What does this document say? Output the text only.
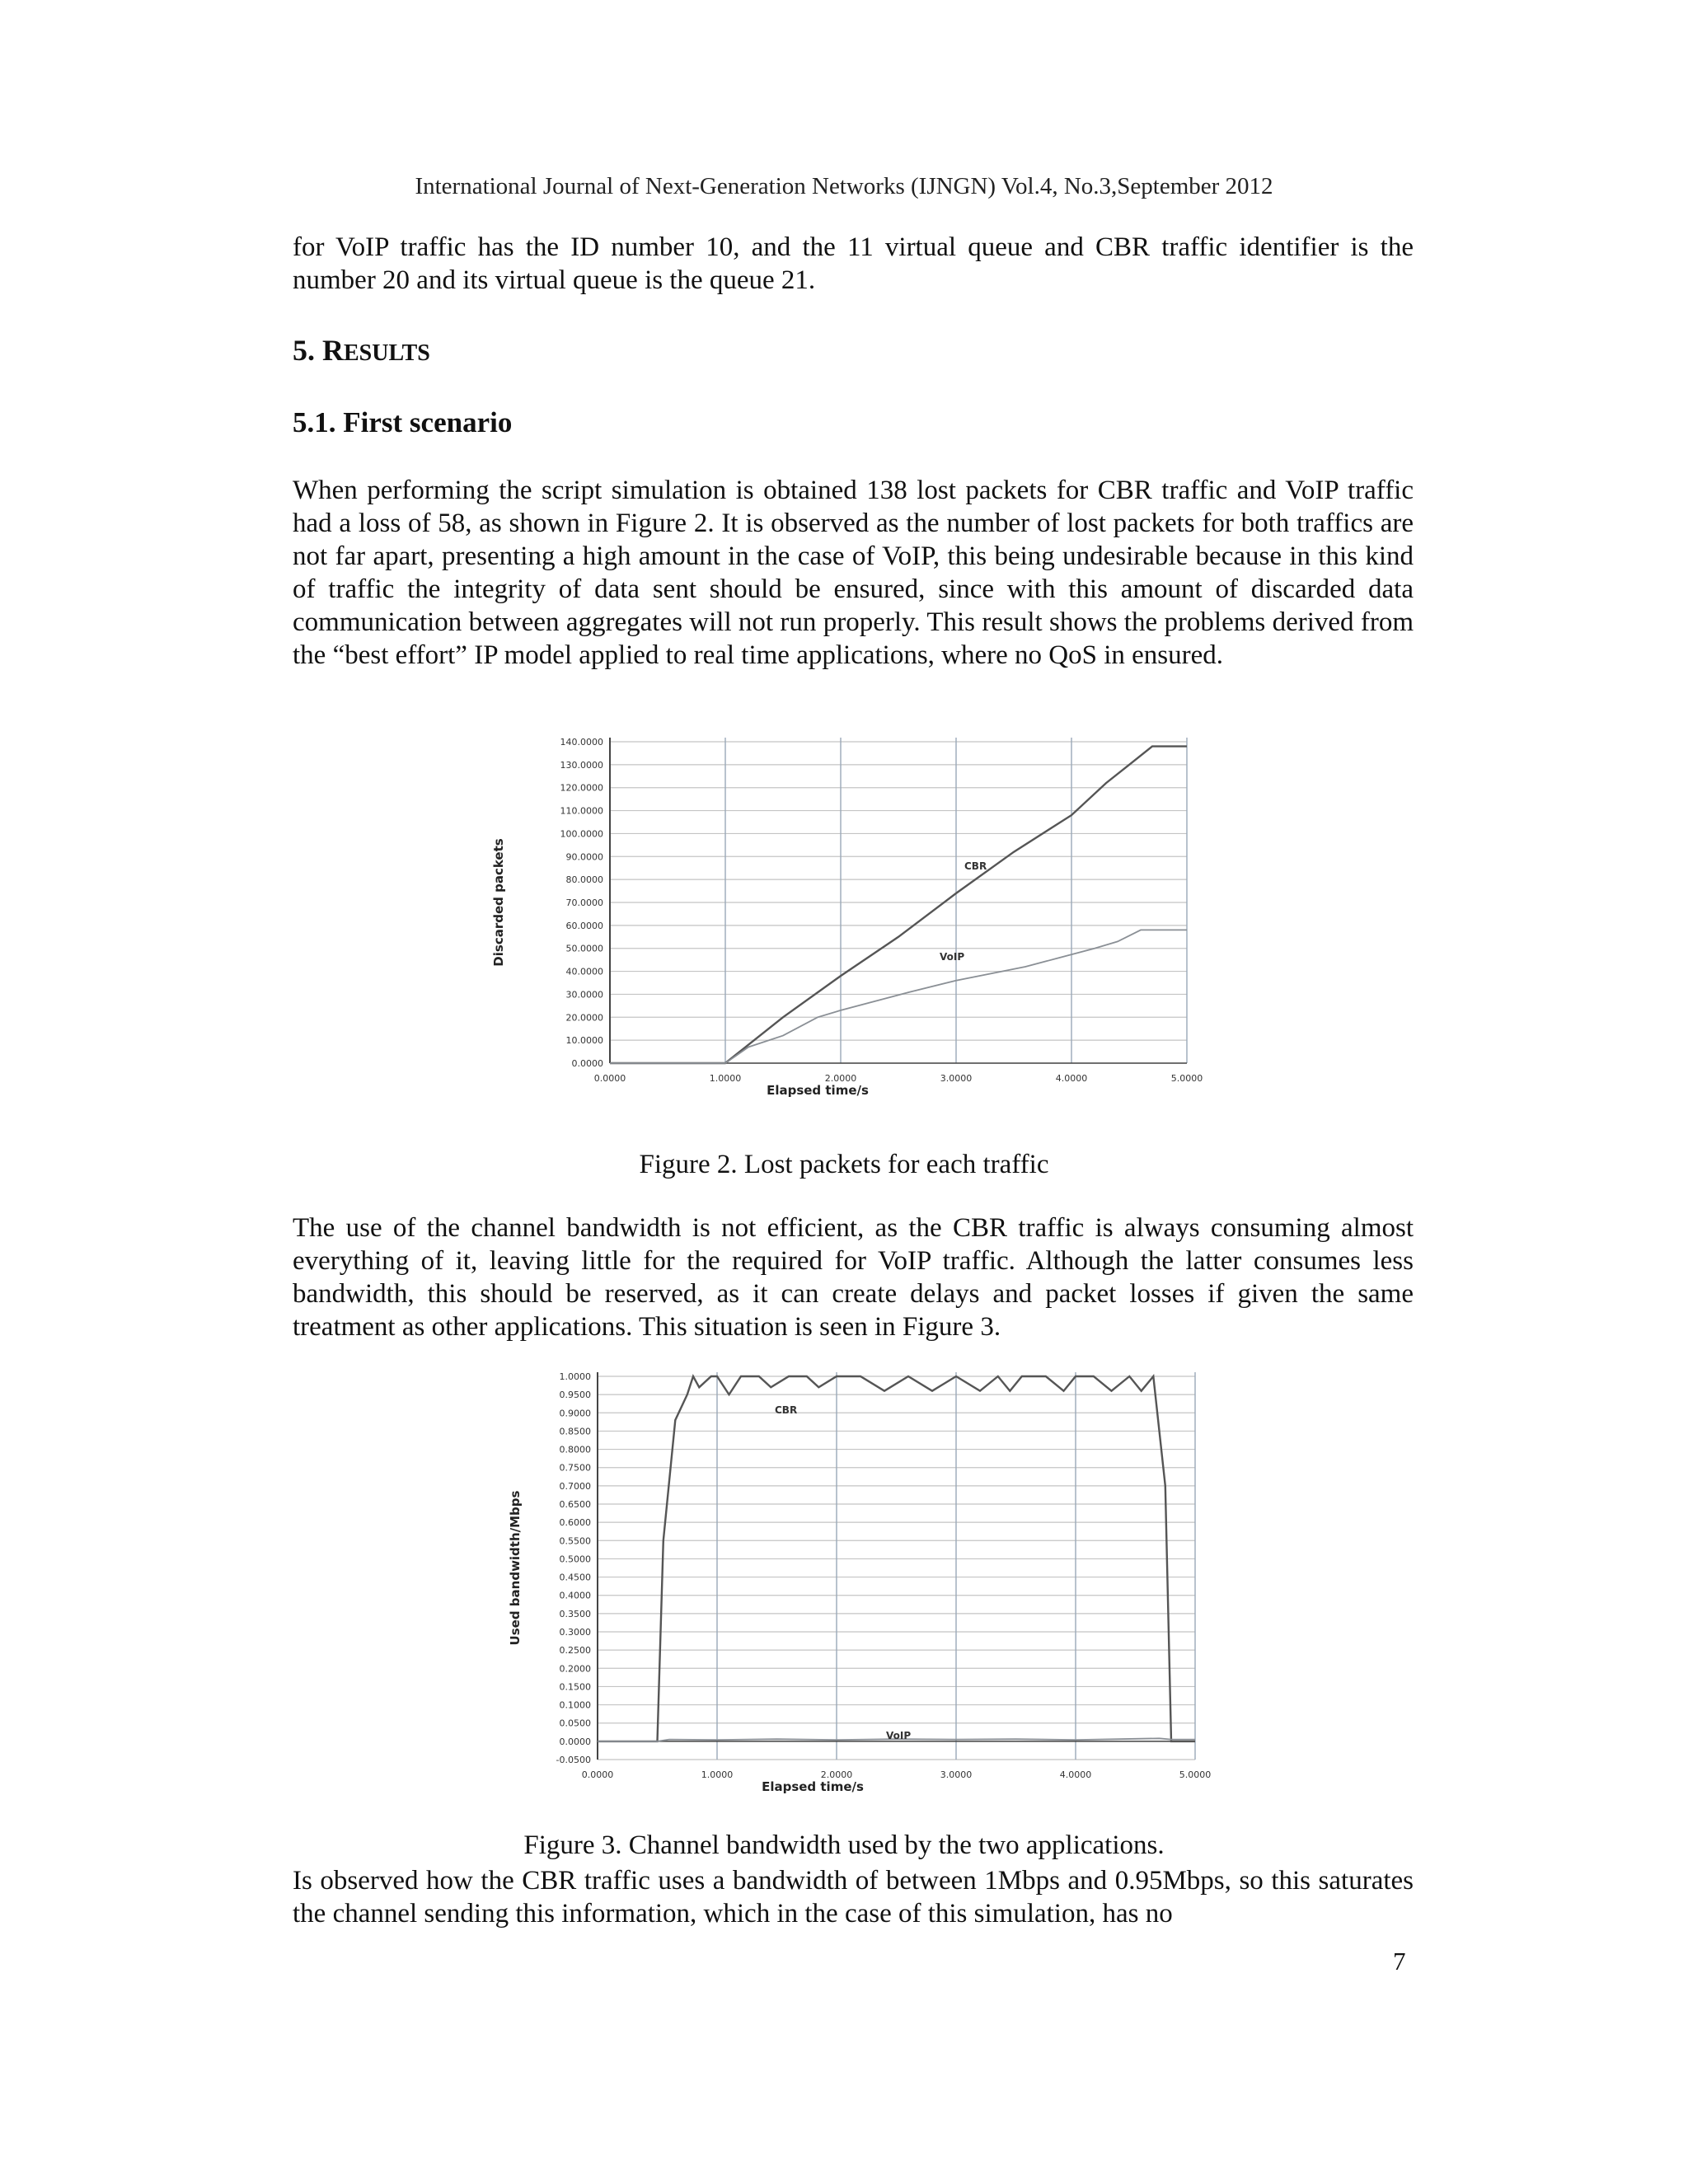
International Journal of Next-Generation Networks (IJNGN) Vol.4, No.3,September 2012

for VoIP traffic has the ID number 10, and the 11 virtual queue and CBR traffic identifier is the number 20 and its virtual queue is the queue 21.

5. RESULTS
5.1. First scenario

When performing the script simulation is obtained 138 lost packets for CBR traffic and VoIP traffic had a loss of 58, as shown in Figure 2. It is observed as the number of lost packets for both traffics are not far apart, presenting a high amount in the case of VoIP, this being undesirable because in this kind of traffic the integrity of data sent should be ensured, since with this amount of discarded data communication between aggregates will not run properly. This result shows the problems derived from the “best effort” IP model applied to real time applications, where no QoS in ensured.

0.0000
10.0000
20.0000
30.0000
40.0000
50.0000
60.0000
70.0000
80.0000
90.0000
100.0000
110.0000
120.0000
130.0000
140.0000
0.0000	1.0000	2.0000	3.0000	4.0000	5.0000
Elapsed time/s
Discarded packets	CBR
VoIP
Figure 2. Lost packets for each traffic

The use of the channel bandwidth is not efficient, as the CBR traffic is always consuming almost everything of it, leaving little for the required for VoIP traffic. Although the latter consumes less bandwidth, this should be reserved, as it can create delays and packet losses if given the same treatment as other applications. This situation is seen in Figure 3.

-0.0500
0.0000
0.0500
0.1000
0.1500
0.2000
0.2500
0.3000
0.3500
0.4000
0.4500
0.5000
0.5500
0.6000
0.6500
0.7000
0.7500
0.8000
0.8500
0.9000
0.9500
1.0000
0.0000	1.0000	2.0000	3.0000	4.0000	5.0000
Elapsed time/s
Used bandwidth/Mbps
CBR
VoIP
Figure 3. Channel bandwidth used by the two applications.

Is observed how the CBR traffic uses a bandwidth of between 1Mbps and 0.95Mbps, so this saturates the channel sending this information, which in the case of this simulation, has no

7
